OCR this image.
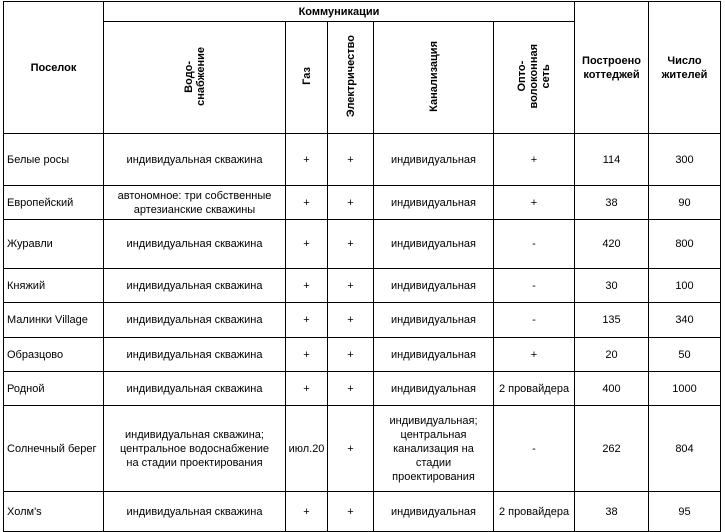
Поселок	Коммуникации					Построено
коттеджей	Число
жителей
	Водо-
снабжение	Газ	Электричество	Канализация	Опто-
волоконная
сеть		
Белые росы	индивидуальная скважина	+	+	индивидуальная	+	114	300
Европейский	автономное: три собственные
артезианские скважины	+	+	индивидуальная	+	38	90
Журавли	индивидуальная скважина	+	+	индивидуальная	-	420	800
Княжий	индивидуальная скважина	+	+	индивидуальная	-	30	100
Малинки Village	индивидуальная скважина	+	+	индивидуальная	-	135	340
Образцово	индивидуальная скважина	+	+	индивидуальная	+	20	50
Родной	индивидуальная скважина	+	+	индивидуальная	2 провайдера	400	1000
Солнечный берег	индивидуальная скважина;
центральное водоснабжение
на стадии проектирования	июл.20	+	индивидуальная;
центральная
канализация на
стадии
проектирования	-	262	804
Холм's	индивидуальная скважина	+	+	индивидуальная	2 провайдера	38	95
